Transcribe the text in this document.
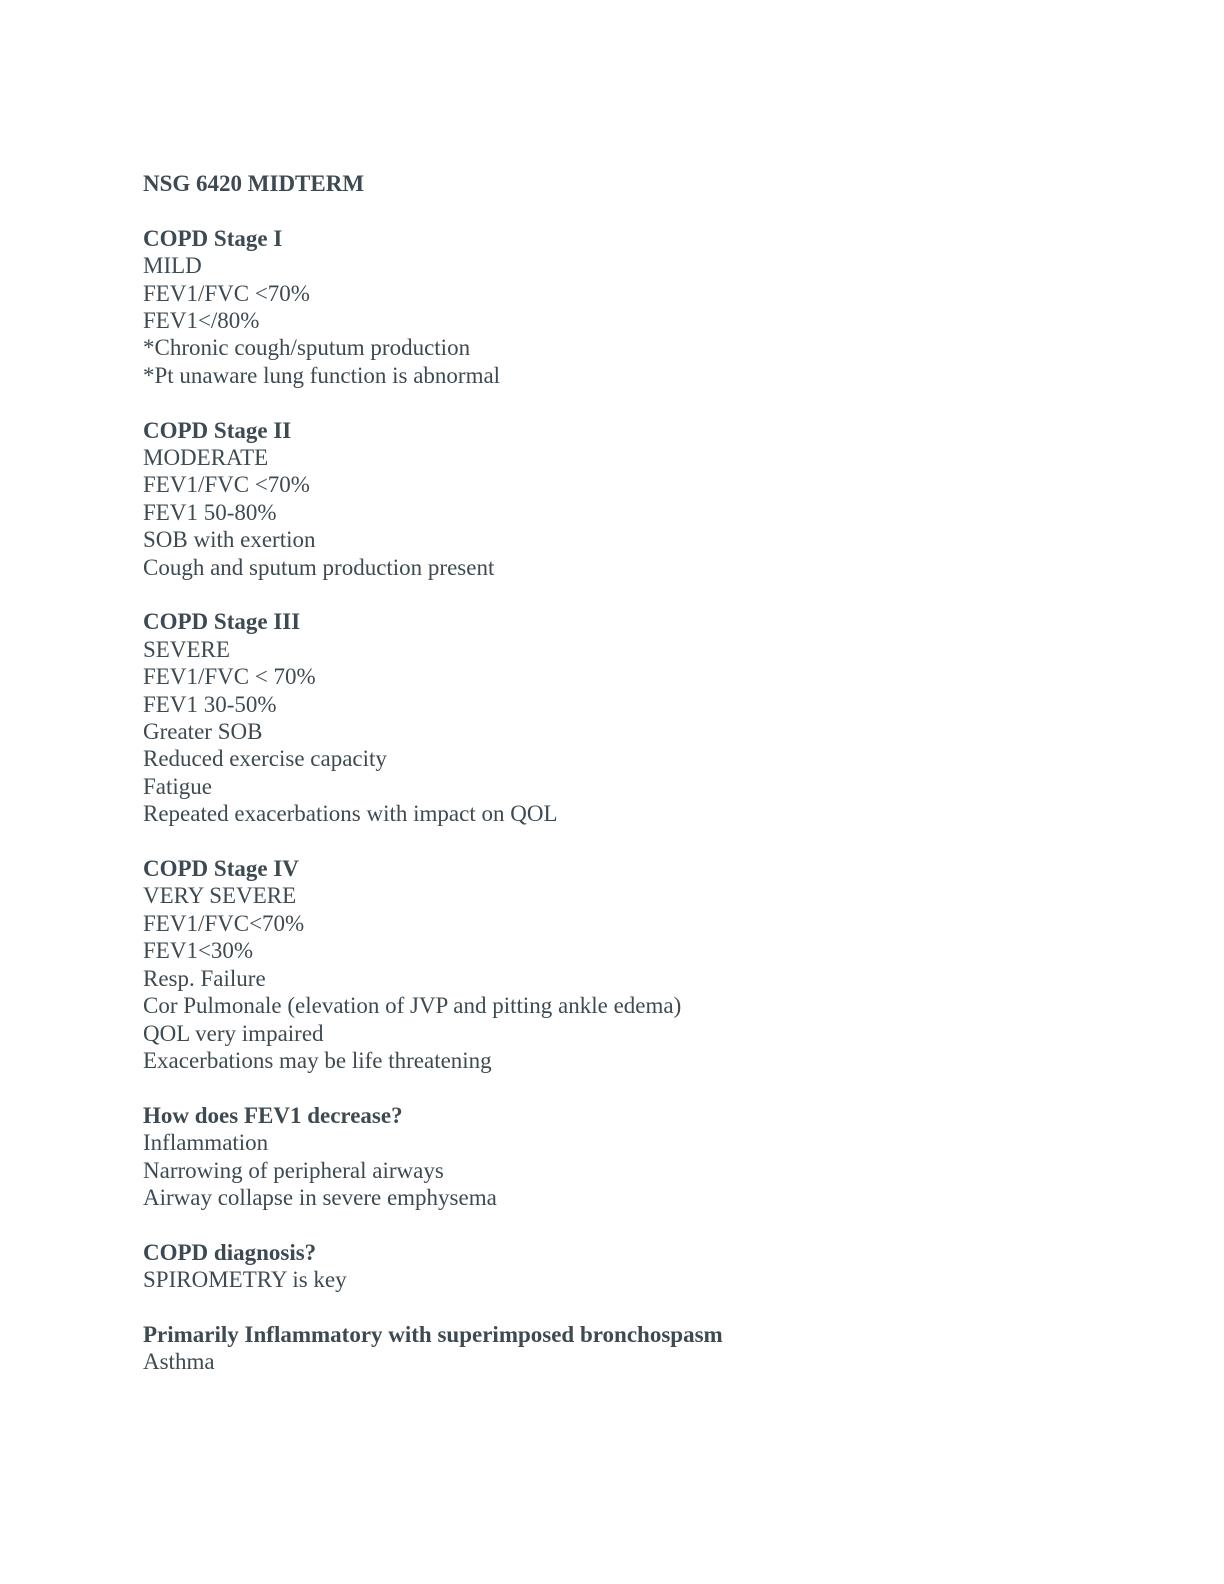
NSG 6420 MIDTERM

COPD Stage I

MILD

FEV1/FVC <70%

FEV1</80%

*Chronic cough/sputum production

*Pt unaware lung function is abnormal

COPD Stage II

MODERATE

FEV1/FVC <70%

FEV1 50-80%

SOB with exertion

Cough and sputum production present

COPD Stage III

SEVERE

FEV1/FVC < 70%

FEV1 30-50%

Greater SOB

Reduced exercise capacity

Fatigue

Repeated exacerbations with impact on QOL

COPD Stage IV

VERY SEVERE

FEV1/FVC<70%

FEV1<30%

Resp. Failure

Cor Pulmonale (elevation of JVP and pitting ankle edema)

QOL very impaired

Exacerbations may be life threatening

How does FEV1 decrease?

Inflammation

Narrowing of peripheral airways

Airway collapse in severe emphysema

COPD diagnosis?

SPIROMETRY is key

Primarily Inflammatory with superimposed bronchospasm

Asthma
